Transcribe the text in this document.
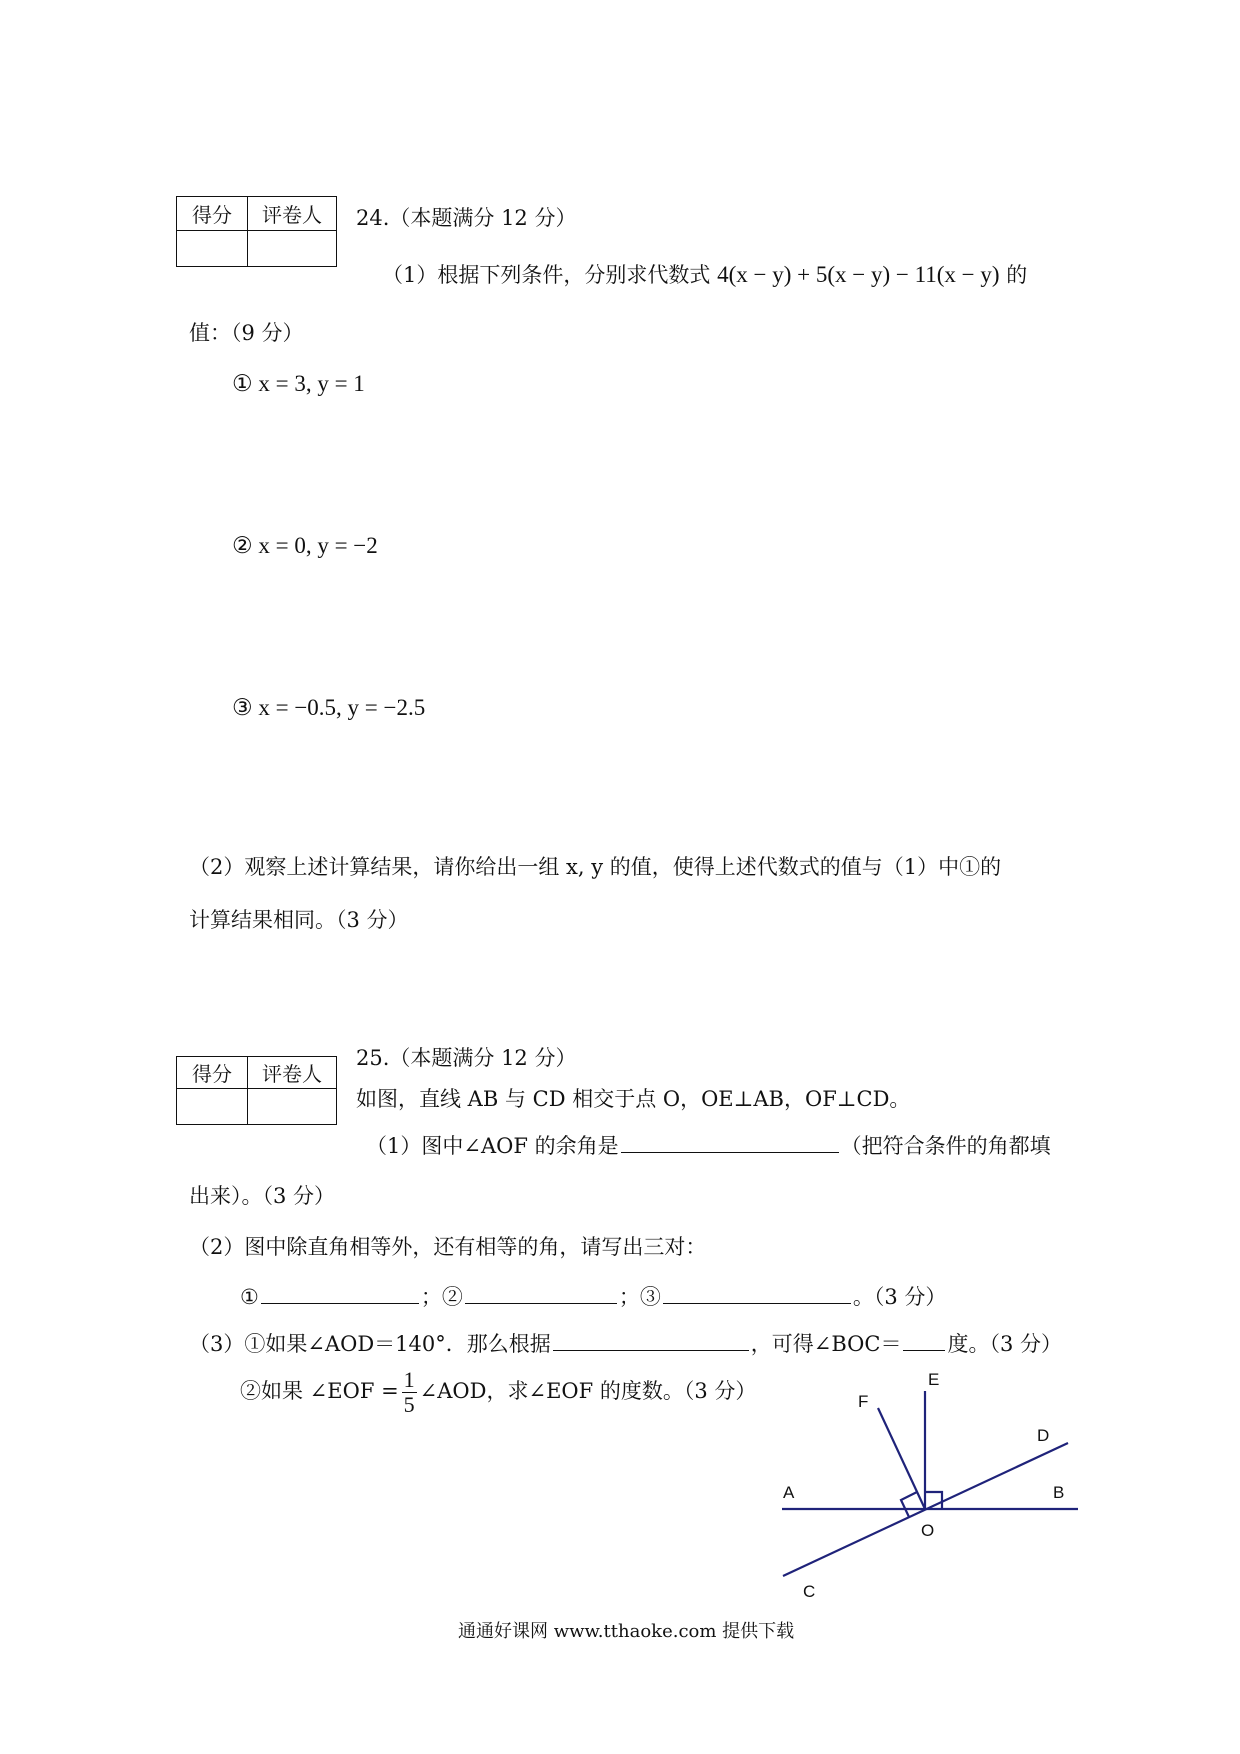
得分	评卷人
	24.（本题满分 12 分）
（1）根据下列条件，分别求代数式 4(x − y) + 5(x − y) − 11(x − y) 的
值：（9 分）
① x = 3, y = 1
② x = 0, y = −2
③ x = −0.5, y = −2.5
（2）观察上述计算结果，请你给出一组 x, y 的值，使得上述代数式的值与（1）中①的
计算结果相同。（3 分）
25.（本题满分 12 分）
得分	评卷人

如图，直线 AB 与 CD 相交于点 O，OE⊥AB，OF⊥CD。
（1）图中∠AOF 的余角是	（把符合条件的角都填
出来）。（3 分）
（2）图中除直角相等外，还有相等的角，请写出三对：
①	；②	；③	。（3 分）
（3）①如果∠AOD＝140°．那么根据	，可得∠BOC＝ 度。（3 分）
②如果 ∠EOF = $\frac{1}{5}$ ∠AOD，求∠EOF 的度数。（3 分）
A	B
C
D
E
F
O
通通好课网 www.tthaoke.com 提供下载
